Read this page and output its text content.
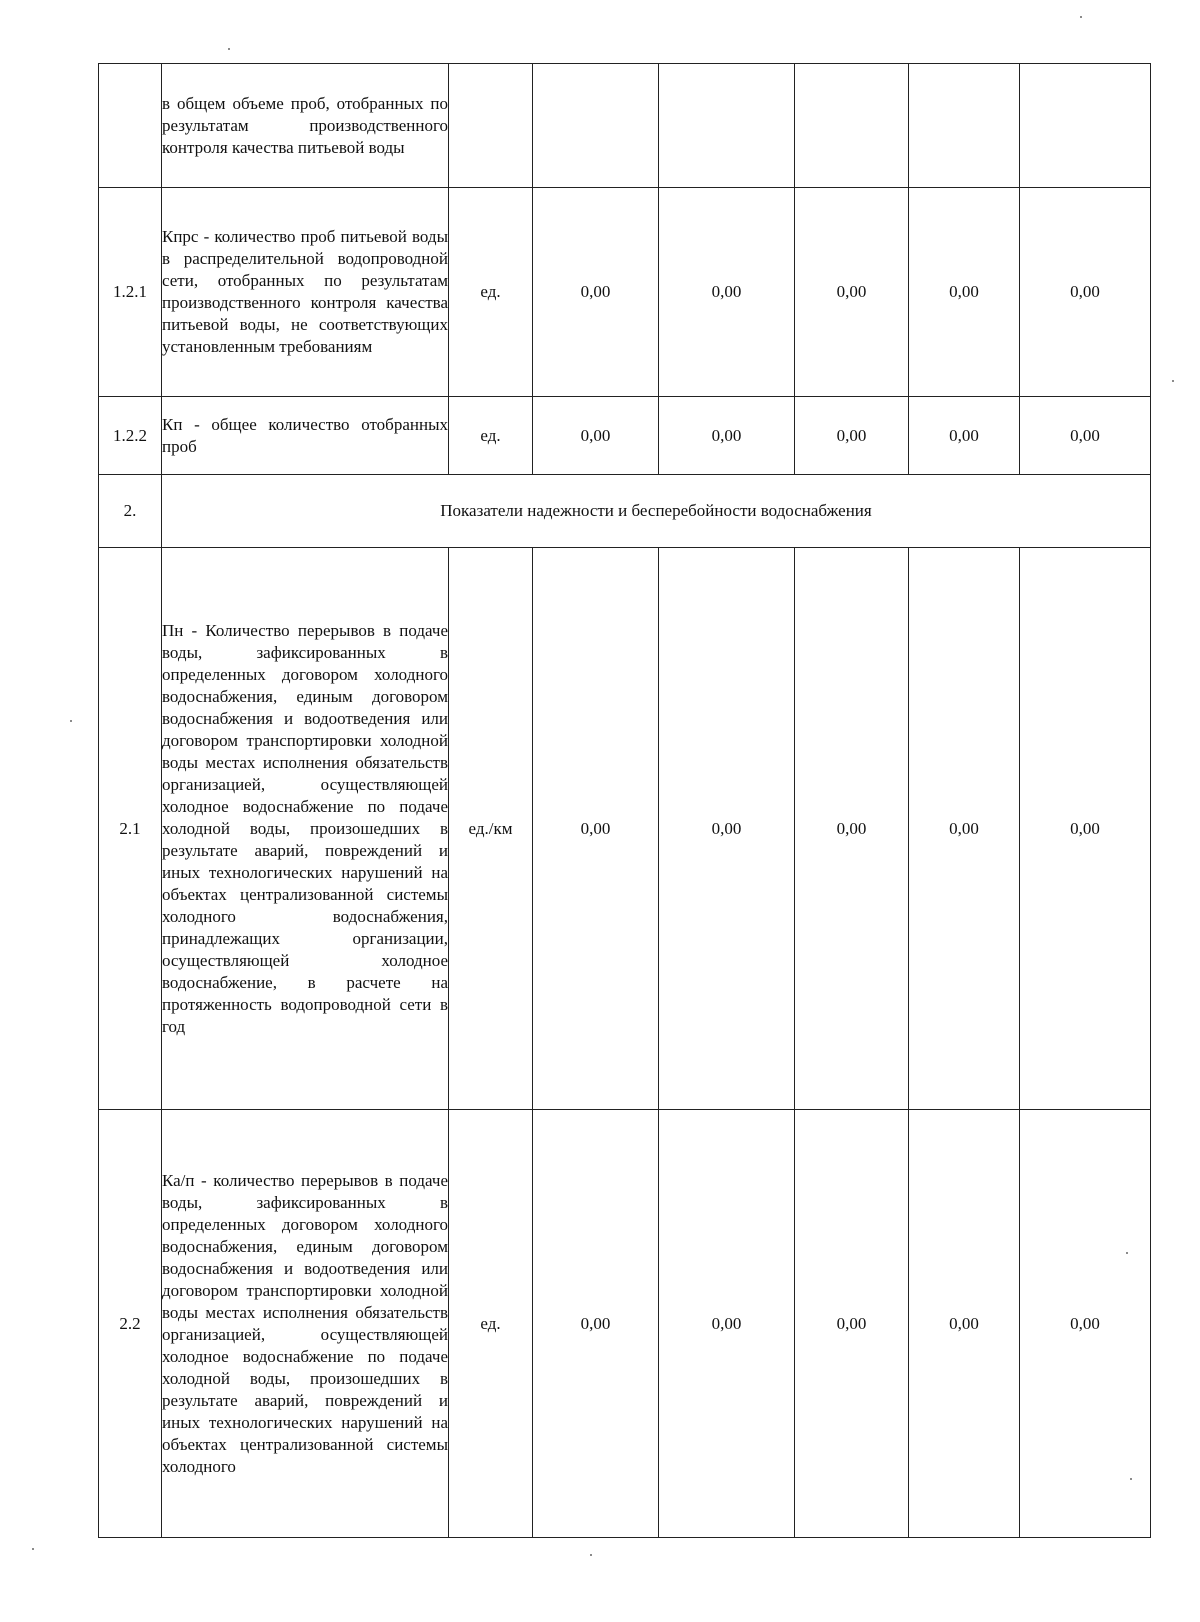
	в общем объеме проб, отобранных по результатам производственного контроля качества питьевой воды						

1.2.1	Кпрс - количество проб питьевой воды в распределительной водопроводной сети, отобранных по результатам производственного контроля качества питьевой воды, не соответствующих установленным требованиям	ед.	0,00	0,00	0,00	0,00	0,00
1.2.2	Кп - общее количество отобранных проб	ед.	0,00	0,00	0,00	0,00	0,00
2.	Показатели надежности и бесперебойности водоснабжения						
2.1	Пн - Количество перерывов в подаче воды, зафиксированных в определенных договором холодного водоснабжения, единым договором водоснабжения и водоотведения или договором транспортировки холодной воды местах исполнения обязательств организацией, осуществляющей холодное водоснабжение по подаче холодной воды, произошедших в результате аварий, повреждений и иных технологических нарушений на объектах централизованной системы холодного водоснабжения, принадлежащих организации, осуществляющей холодное водоснабжение, в расчете на протяженность водопроводной сети в год	ед./км	0,00	0,00	0,00	0,00	0,00
2.2	Ка/п - количество перерывов в подаче воды, зафиксированных в определенных договором холодного водоснабжения, единым договором водоснабжения и водоотведения или договором транспортировки холодной воды местах исполнения обязательств организацией, осуществляющей холодное водоснабжение по подаче холодной воды, произошедших в результате аварий, повреждений и иных технологических нарушений на объектах централизованной системы холодного	ед.	0,00	0,00	0,00	0,00	0,00
